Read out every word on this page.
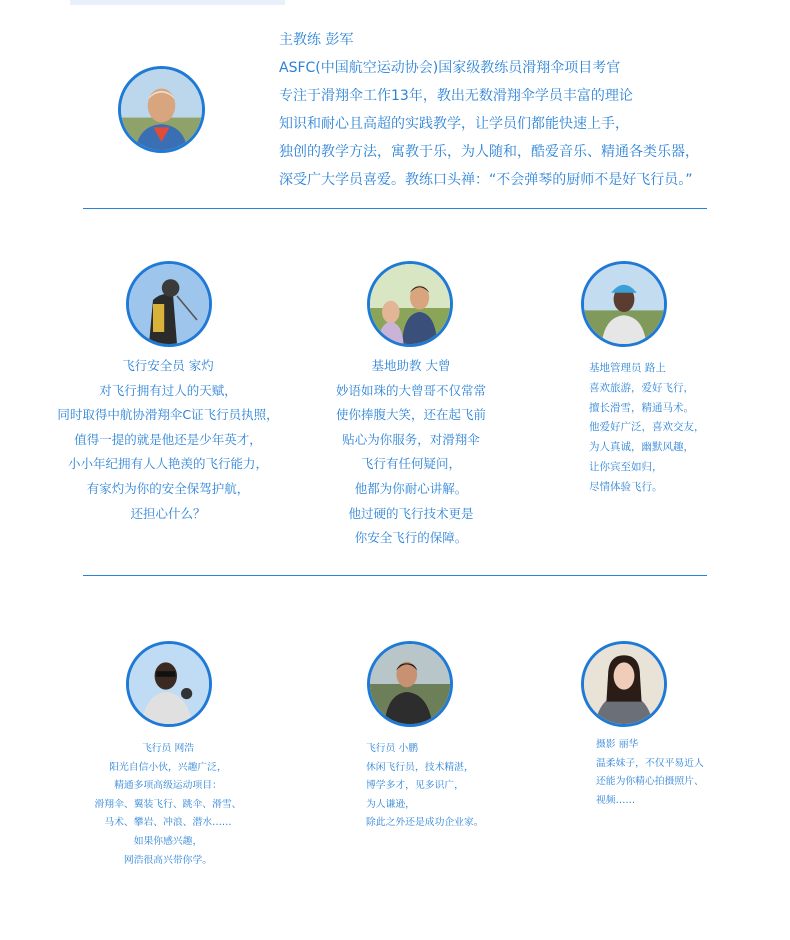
主教练 彭军
ASFC(中国航空运动协会)国家级教练员滑翔伞项目考官
专注于滑翔伞工作13年，教出无数滑翔伞学员丰富的理论
知识和耐心且高超的实践教学，让学员们都能快速上手，
独创的教学方法，寓教于乐，为人随和，酷爱音乐、精通各类乐器，
深受广大学员喜爱。教练口头禅：“不会弹琴的厨师不是好飞行员。”
飞行安全员 家灼
对飞行拥有过人的天赋，
同时取得中航协滑翔伞C证飞行员执照，
值得一提的就是他还是少年英才，
小小年纪拥有人人艳羡的飞行能力，
有家灼为你的安全保驾护航，
还担心什么？
基地助教 大曾
妙语如珠的大曾哥不仅常常
使你捧腹大笑，还在起飞前
贴心为你服务，对滑翔伞
飞行有任何疑问，
他都为你耐心讲解。
他过硬的飞行技术更是
你安全飞行的保障。
基地管理员 路上
喜欢旅游，爱好飞行，
擅长滑雪，精通马术。
他爱好广泛，喜欢交友，
为人真诚，幽默风趣，
让你宾至如归，
尽情体验飞行。
飞行员 网浩
阳光自信小伙，兴趣广泛，
精通多项高级运动项目：
滑翔伞、翼装飞行、跳伞、滑雪、
马术、攀岩、冲浪、潜水……
如果你感兴趣，
网浩很高兴带你学。
飞行员 小鹏
休闲飞行员，技术精湛，
博学多才，见多识广，
为人谦逊，
除此之外还是成功企业家。
摄影 丽华
温柔妹子，不仅平易近人
还能为你精心拍摄照片、
视频……
